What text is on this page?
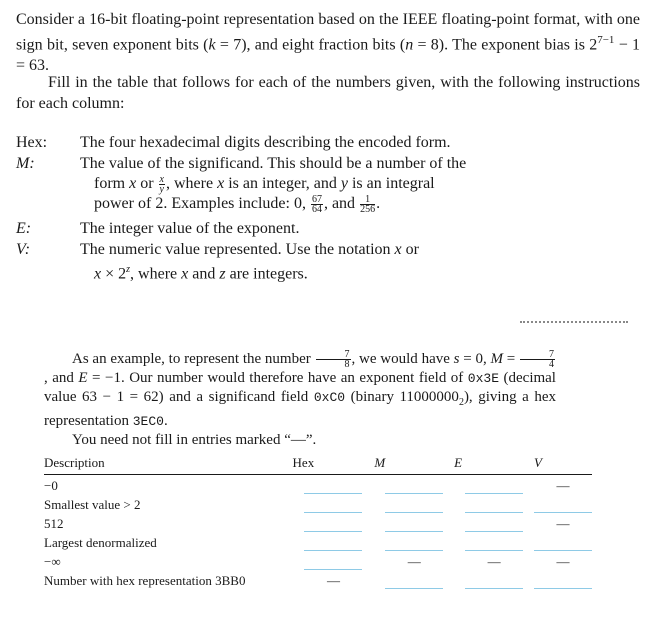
Consider a 16-bit floating-point representation based on the IEEE floating-point format, with one sign bit, seven exponent bits (k = 7), and eight fraction bits (n = 8). The exponent bias is $2^{7-1} - 1 = 63$.
Fill in the table that follows for each of the numbers given, with the following instructions for each column:
Hex:	The four hexadecimal digits describing the encoded form.
M:	The value of the significand. This should be a number of the
form x or $\frac{x}{y}$ , where x is an integer, and y is an integral
power of 2. Examples include: 0, $\frac{67}{64}$ , and $\frac{1}{256}$ .
E:	The integer value of the exponent.
V:	The numeric value represented. Use the notation x or
$x \times 2^z$, where x and z are integers.
As an example, to represent the number $\frac{7}{8}$ , we would have s = 0, $M = \frac{7}{4}$
, and E = −1. Our number would therefore have an exponent field of 0x3E (decimal value 63 − 1 = 62) and a significand field 0xC0 (binary $11000000_2$), giving a hex representation 3EC0.
You need not fill in entries marked “—”.
Description	Hex	M	E	V
−0				—

Smallest value > 2	

512				—

Largest denormalized	

−∞		—	—	—

Number with hex representation 3BB0	—			
